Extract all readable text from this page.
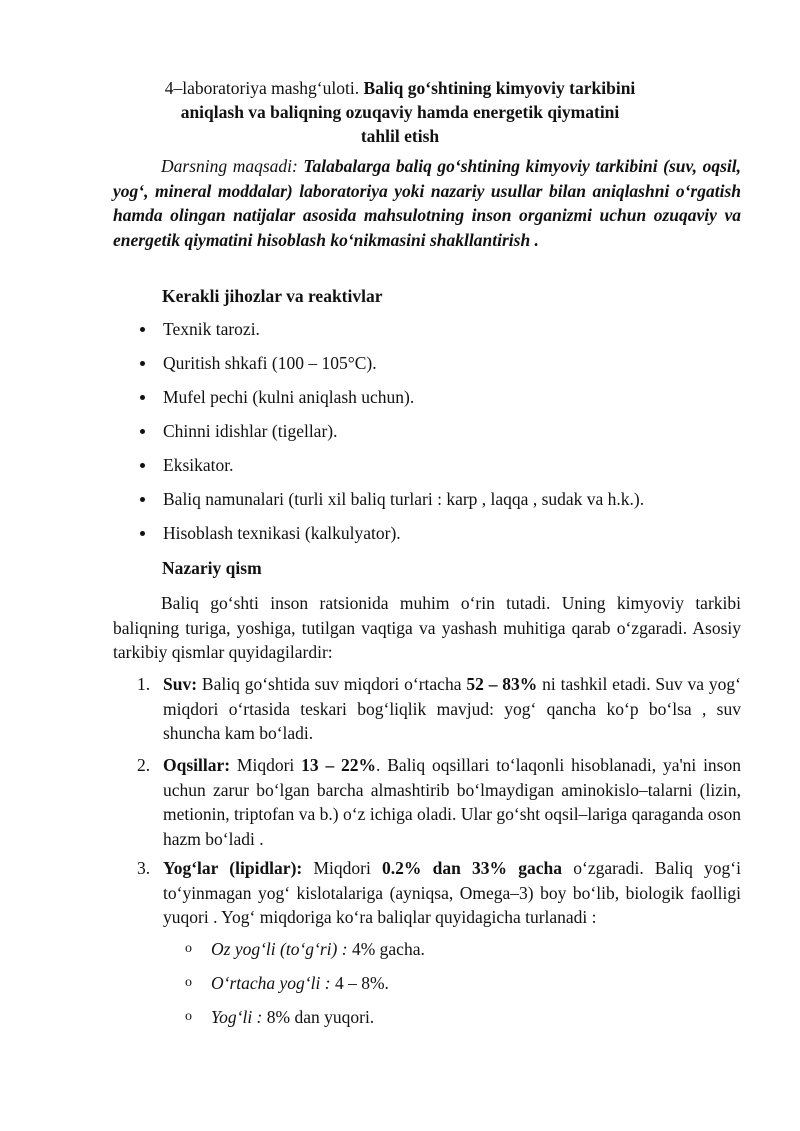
4–laboratoriya mashg‘uloti. Baliq go‘shtining kimyoviy tarkibini
aniqlash va baliqning ozuqaviy hamda energetik qiymatini
tahlil etish
Darsning maqsadi: Talabalarga baliq go‘shtining kimyoviy tarkibini (suv, oqsil, yog‘, mineral moddalar) laboratoriya yoki nazariy usullar bilan aniqlashni o‘rgatish hamda olingan natijalar asosida mahsulotning inson organizmi uchun ozuqaviy va energetik qiymatini hisoblash ko‘nikmasini shakllantirish .
Kerakli jihozlar va reaktivlar
Texnik tarozi.
Quritish shkafi (100 – 105°C).
Mufel pechi (kulni aniqlash uchun).
Chinni idishlar (tigellar).
Eksikator.
Baliq namunalari (turli xil baliq turlari : karp , laqqa , sudak va h.k.).
Hisoblash texnikasi (kalkulyator).
Nazariy qism
Baliq go‘shti inson ratsionida muhim o‘rin tutadi. Uning kimyoviy tarkibi baliqning turiga, yoshiga, tutilgan vaqtiga va yashash muhitiga qarab o‘zgaradi. Asosiy tarkibiy qismlar quyidagilardir:
1. Suv: Baliq go‘shtida suv miqdori o‘rtacha 52 – 83% ni tashkil etadi. Suv va yog‘ miqdori o‘rtasida teskari bog‘liqlik mavjud: yog‘ qancha ko‘p bo‘lsa , suv shuncha kam bo‘ladi.
2. Oqsillar: Miqdori 13 – 22%. Baliq oqsillari to‘laqonli hisoblanadi, ya'ni inson uchun zarur bo‘lgan barcha almashtirib bo‘lmaydigan aminokislo–talarni (lizin, metionin, triptofan va b.) o‘z ichiga oladi. Ular go‘sht oqsil–lariga qaraganda oson hazm bo‘ladi .
3. Yog‘lar (lipidlar): Miqdori 0.2% dan 33% gacha o‘zgaradi. Baliq yog‘i to‘yinmagan yog‘ kislotalariga (ayniqsa, Omega–3) boy bo‘lib, biologik faolligi yuqori . Yog‘ miqdoriga ko‘ra baliqlar quyidagicha turlanadi :
o Oz yog‘li (to‘g‘ri) : 4% gacha.
o O‘rtacha yog‘li : 4 – 8%.
o Yog‘li : 8% dan yuqori.
